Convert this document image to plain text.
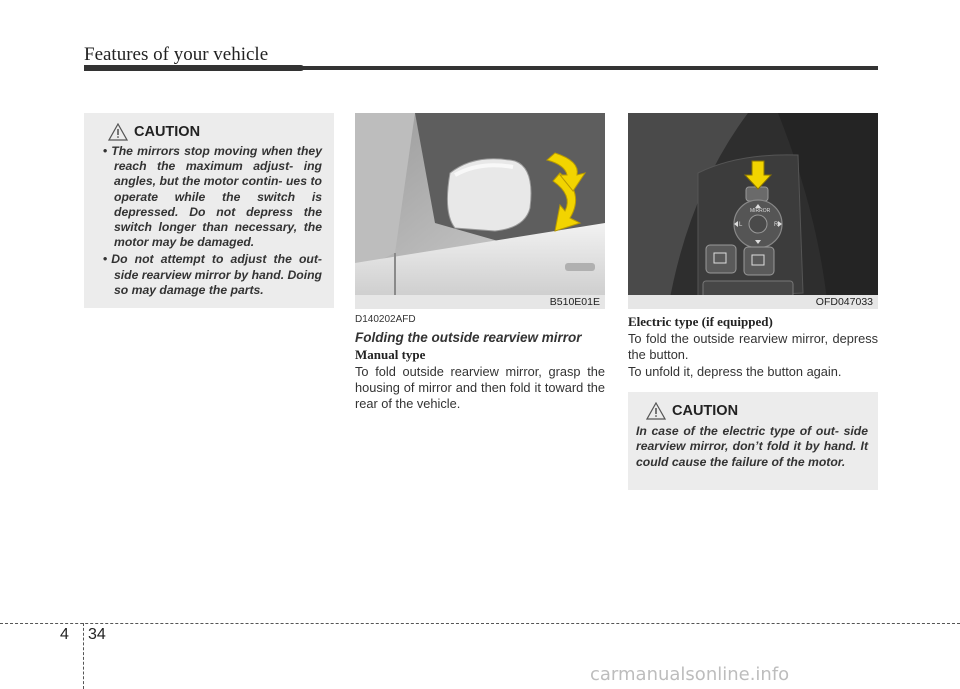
Features of your vehicle
CAUTION
• The mirrors stop moving when they reach the maximum adjust- ing angles, but the motor contin- ues to operate while the switch is depressed. Do not depress the switch longer than necessary, the motor may be damaged.
• Do not attempt to adjust the out- side rearview mirror by hand. Doing so may damage the parts.
B510E01E
MIRROR
L	R
OFD047033
D140202AFD
Folding the outside rearview mirror
Manual type

To fold outside rearview mirror, grasp the housing of mirror and then fold it toward the rear of the vehicle.

Electric type (if equipped)

To fold the outside rearview mirror, depress the button.

To unfold it, depress the button again.

CAUTION

In case of the electric type of out- side rearview mirror, don’t fold it by hand. It could cause the failure of the motor.

4 34
carmanualsonline.info
